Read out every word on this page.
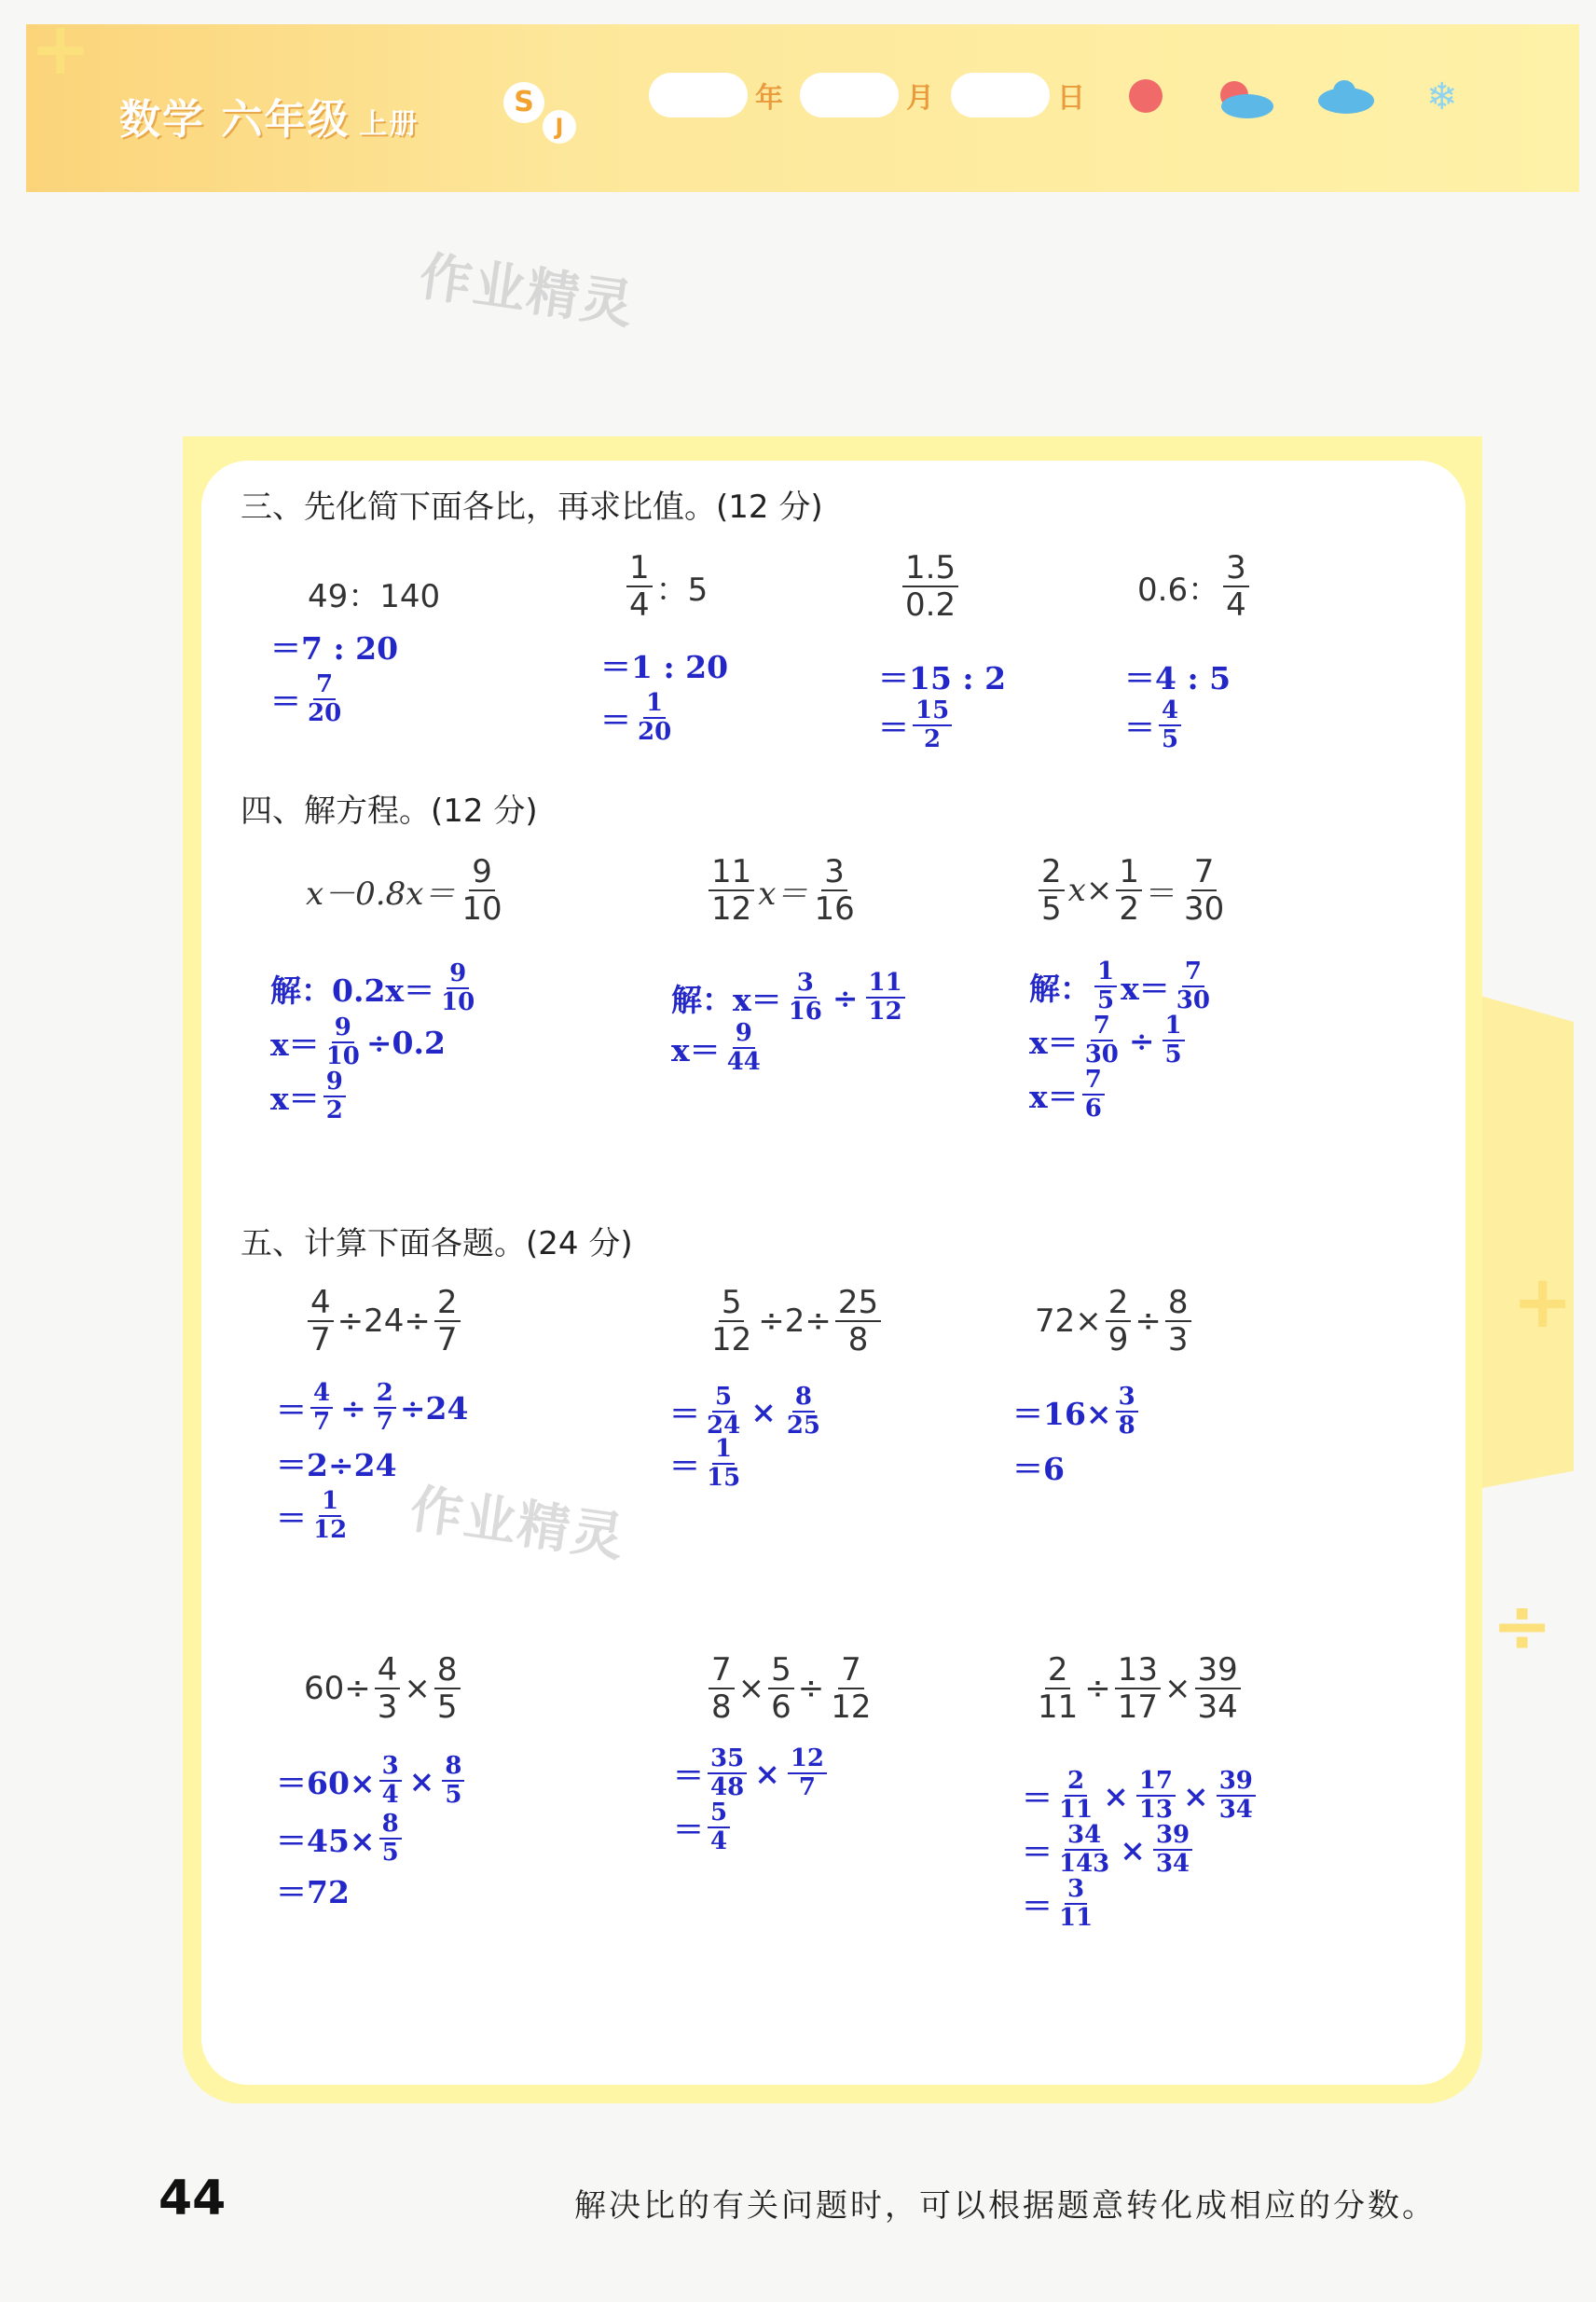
数学 六年级 上册
S
J
年	月	日	❄
+
作业精灵
+
÷
三、先化简下面各比，再求比值。(12 分)
49：140
＝7 : 20
＝ $\frac{7}{20}$
$\frac{1}{4}$ ：5
＝1 : 20
＝ $\frac{1}{20}$
$\frac{1.5}{0.2}$
＝15 : 2
＝ $\frac{15}{2}$
0.6： $\frac{3}{4}$
＝4 : 5
＝ $\frac{4}{5}$
四、解方程。(12 分)
$x-0.8x= \frac{9}{10}$
解：$0.2x= \frac{9}{10}$
$x= \frac{9}{10} \div 0.2$
$x= \frac{9}{2}$
$\frac{11}{12} x= \frac{3}{16}$
解：$x= \frac{3}{16} \div \frac{11}{12}$
$x= \frac{9}{44}$
$\frac{2}{5} x\times \frac{1}{2} = \frac{7}{30}$
解： $\frac{1}{5} x= \frac{7}{30}$
$x= \frac{7}{30} \div \frac{1}{5}$
$x= \frac{7}{6}$
五、计算下面各题。(24 分)
$\frac{4}{7} \div 24\div \frac{2}{7}$
＝ $\frac{4}{7} \div \frac{2}{7} \div 24$
＝2÷24
＝ $\frac{1}{12}$ 作业精灵
$\frac{5}{12} \div 2\div \frac{25}{8}$
＝ $\frac{5}{24} \times \frac{8}{25}$
＝ $\frac{1}{15}$
$72\times \frac{2}{9} \div \frac{8}{3}$
$=16\times \frac{3}{8}$
＝6
$60\div \frac{4}{3} \times \frac{8}{5}$
$=60\times \frac{3}{4} \times \frac{8}{5}$
$=45\times \frac{8}{5}$
＝72
$\frac{7}{8} \times \frac{5}{6} \div \frac{7}{12}$
＝ $\frac{35}{48} \times \frac{12}{7}$
＝ $\frac{5}{4}$
$\frac{2}{11} \div \frac{13}{17} \times \frac{39}{34}$
＝ $\frac{2}{11} \times \frac{17}{13} \times \frac{39}{34}$
＝ $\frac{34}{143} \times \frac{39}{34}$
＝ $\frac{3}{11}$
44	解决比的有关问题时，可以根据题意转化成相应的分数。
